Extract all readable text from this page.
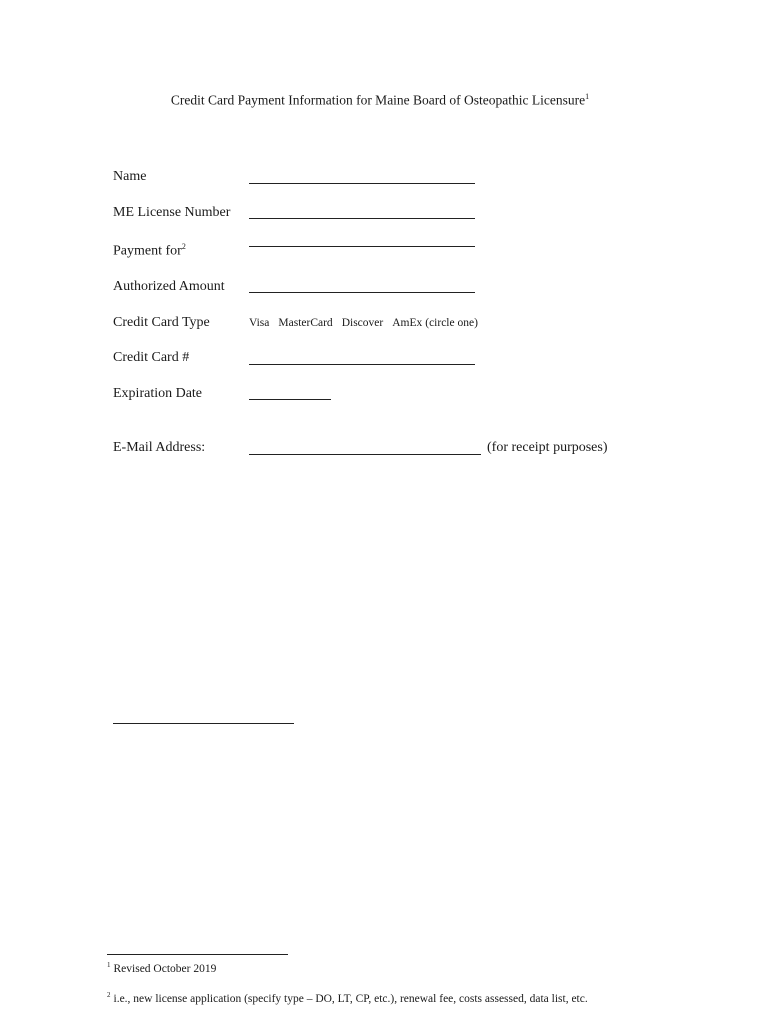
Credit Card Payment Information for Maine Board of Osteopathic Licensure$^1$
Name
ME License Number
Payment for$^2$
Authorized Amount
Credit Card Type	Visa MasterCard Discover AmEx (circle one)
Credit Card #
Expiration Date
E-Mail Address:	(for receipt purposes)
$^1$ Revised October 2019
$^2$ i.e., new license application (specify type – DO, LT, CP, etc.), renewal fee, costs assessed, data list, etc.
